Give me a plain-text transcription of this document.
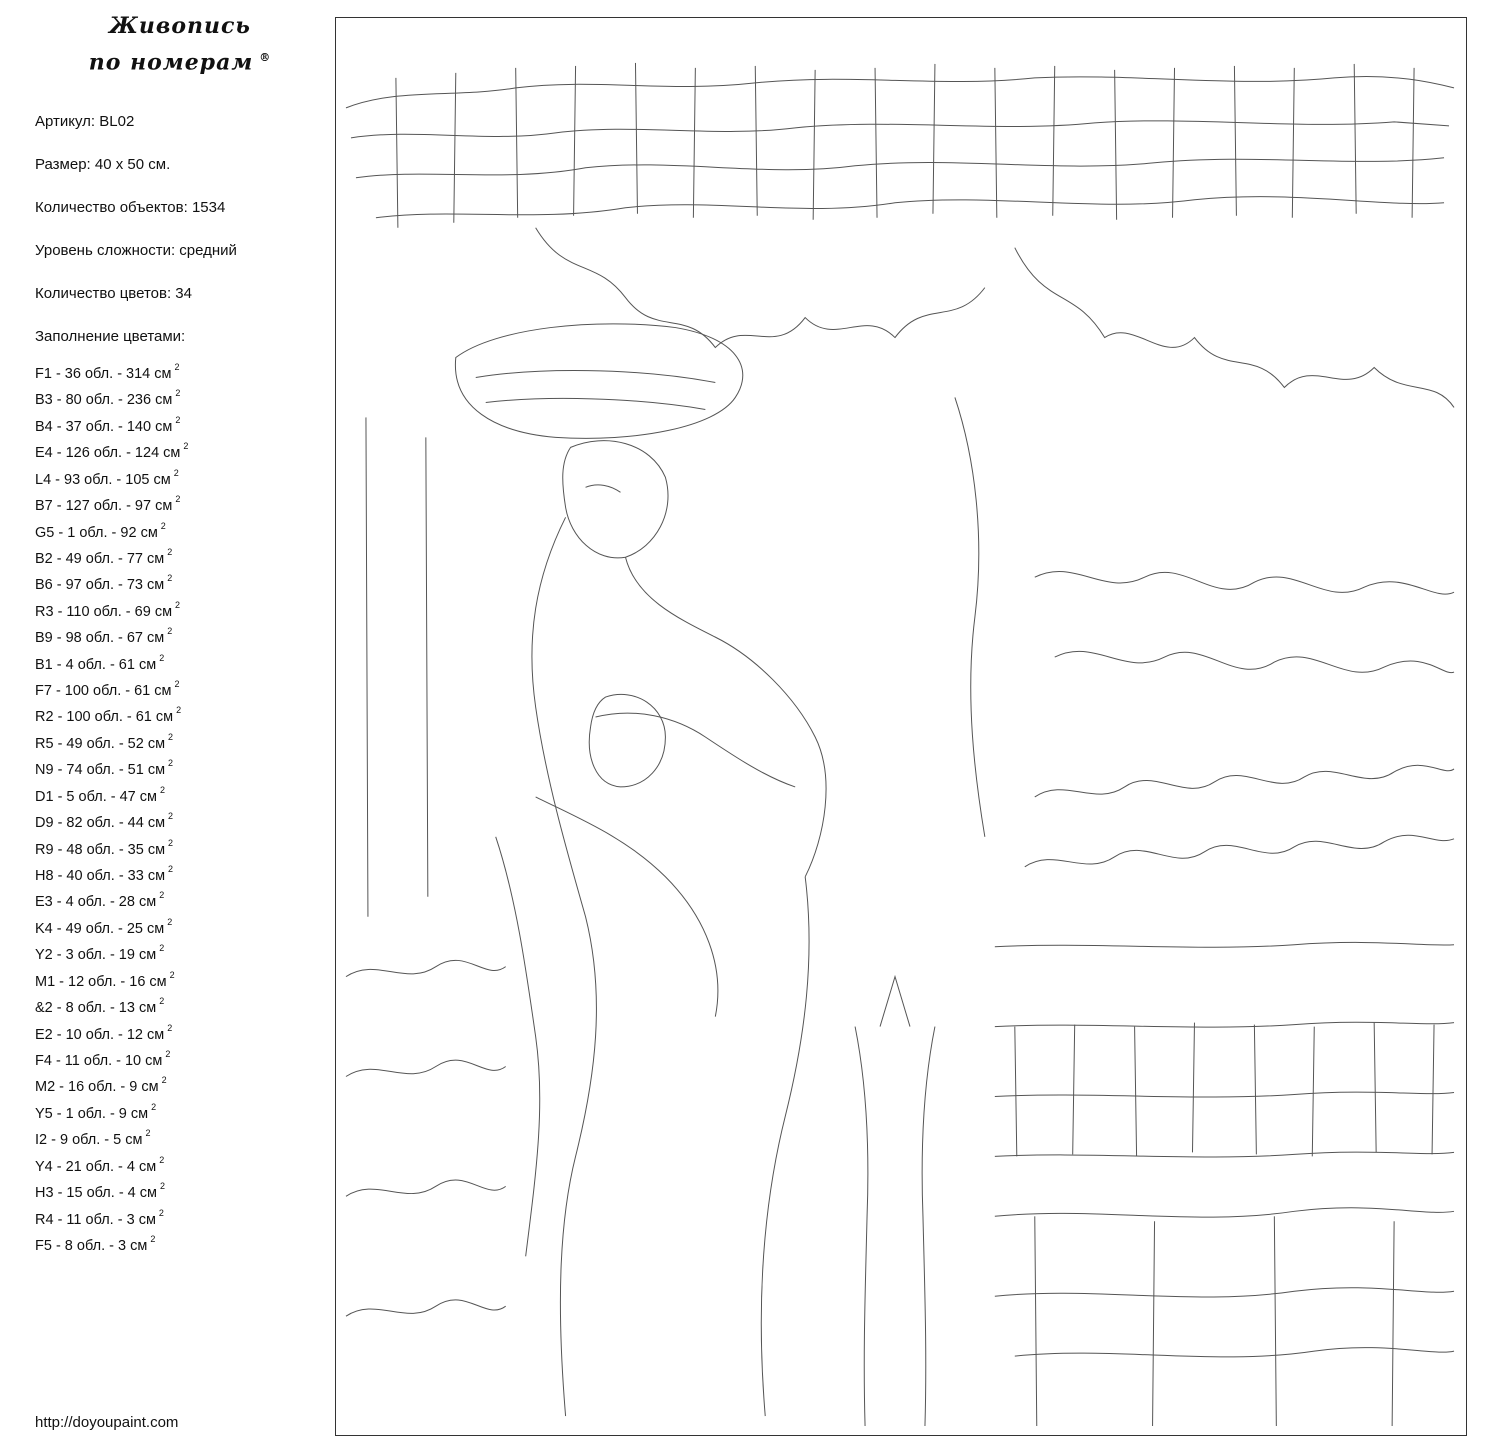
Живопись
по номерам ®
Артикул: BL02
Размер: 40 х 50 см.
Количество объектов: 1534
Уровень сложности: средний
Количество цветов: 34
Заполнение цветами:
F1 - 36 обл. - 314 см $^2$
B3 - 80 обл. - 236 см $^2$
B4 - 37 обл. - 140 см $^2$
E4 - 126 обл. - 124 см $^2$
L4 - 93 обл. - 105 см $^2$
B7 - 127 обл. - 97 см $^2$
G5 - 1 обл. - 92 см $^2$
B2 - 49 обл. - 77 см $^2$
B6 - 97 обл. - 73 см $^2$
R3 - 110 обл. - 69 см $^2$
B9 - 98 обл. - 67 см $^2$
B1 - 4 обл. - 61 см $^2$
F7 - 100 обл. - 61 см $^2$
R2 - 100 обл. - 61 см $^2$
R5 - 49 обл. - 52 см $^2$
N9 - 74 обл. - 51 см $^2$
D1 - 5 обл. - 47 см $^2$
D9 - 82 обл. - 44 см $^2$
R9 - 48 обл. - 35 см $^2$
H8 - 40 обл. - 33 см $^2$
E3 - 4 обл. - 28 см $^2$
K4 - 49 обл. - 25 см $^2$
Y2 - 3 обл. - 19 см $^2$
M1 - 12 обл. - 16 см $^2$
&2 - 8 обл. - 13 см $^2$
E2 - 10 обл. - 12 см $^2$
F4 - 11 обл. - 10 см $^2$
M2 - 16 обл. - 9 см $^2$
Y5 - 1 обл. - 9 см $^2$
I2 - 9 обл. - 5 см $^2$
Y4 - 21 обл. - 4 см $^2$
H3 - 15 обл. - 4 см $^2$
R4 - 11 обл. - 3 см $^2$
F5 - 8 обл. - 3 см $^2$
http://doyoupaint.com
